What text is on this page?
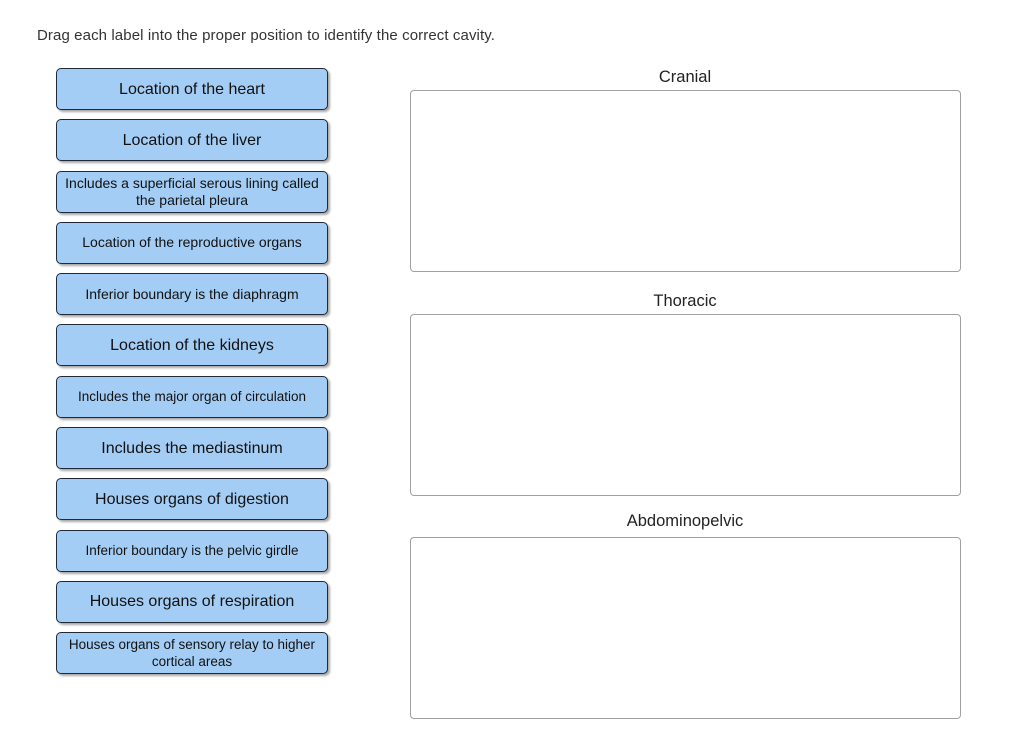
Drag each label into the proper position to identify the correct cavity.
Location of the heart
Location of the liver
Includes a superficial serous lining called the parietal pleura
Location of the reproductive organs
Inferior boundary is the diaphragm
Location of the kidneys
Includes the major organ of circulation
Includes the mediastinum
Houses organs of digestion
Inferior boundary is the pelvic girdle
Houses organs of respiration
Houses organs of sensory relay to higher cortical areas
Cranial
Thoracic
Abdominopelvic
